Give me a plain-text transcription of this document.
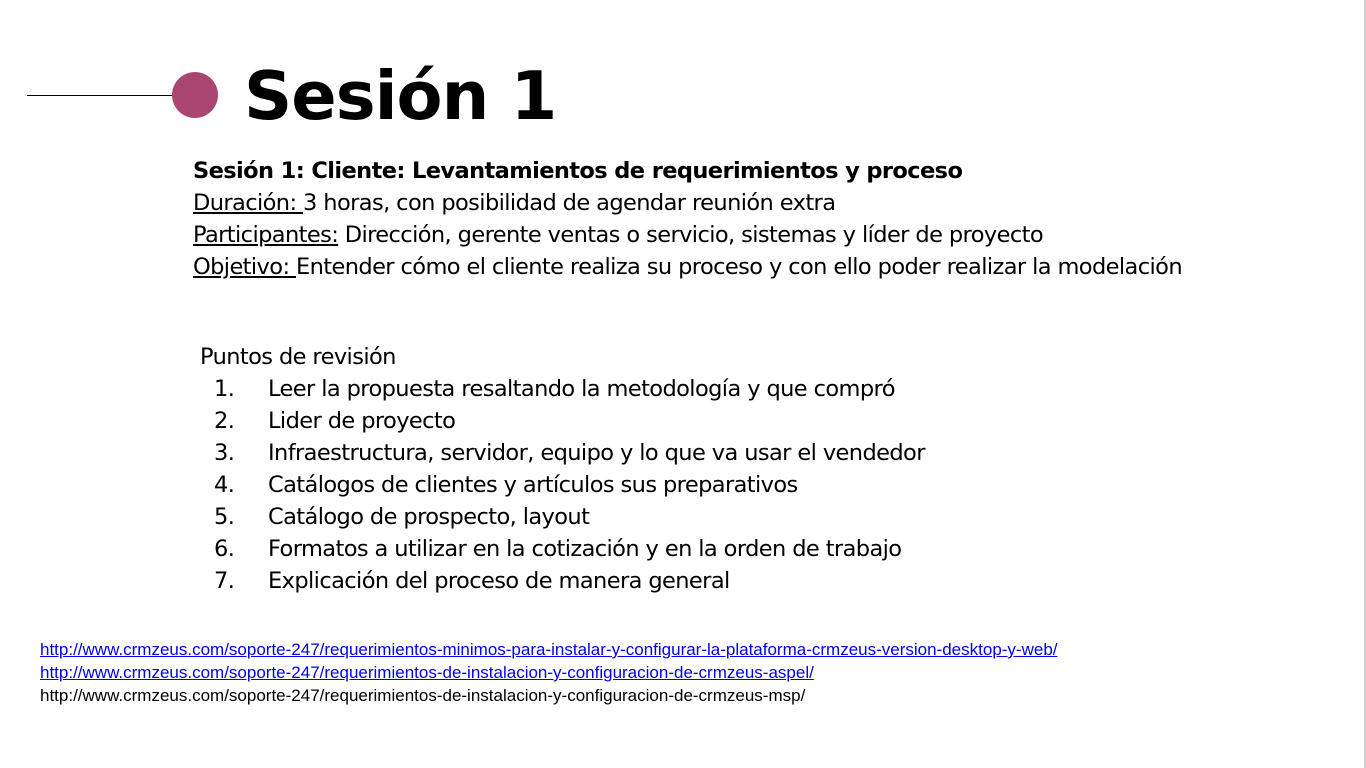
Sesión 1
Sesión 1: Cliente: Levantamientos de requerimientos y proceso
Duración: 3 horas, con posibilidad de agendar reunión extra
Participantes: Dirección, gerente ventas o servicio, sistemas y líder de proyecto
Objetivo: Entender cómo el cliente realiza su proceso y con ello poder realizar la modelación
Puntos de revisión
1. Leer la propuesta resaltando la metodología y que compró
2. Lider de proyecto
3. Infraestructura, servidor, equipo y lo que va usar el vendedor
4. Catálogos de clientes y artículos sus preparativos
5. Catálogo de prospecto, layout
6. Formatos a utilizar en la cotización y en la orden de trabajo
7. Explicación del proceso de manera general
http://www.crmzeus.com/soporte-247/requerimientos-minimos-para-instalar-y-configurar-la-plataforma-crmzeus-version-desktop-y-web/
http://www.crmzeus.com/soporte-247/requerimientos-de-instalacion-y-configuracion-de-crmzeus-aspel/
http://www.crmzeus.com/soporte-247/requerimientos-de-instalacion-y-configuracion-de-crmzeus-msp/
